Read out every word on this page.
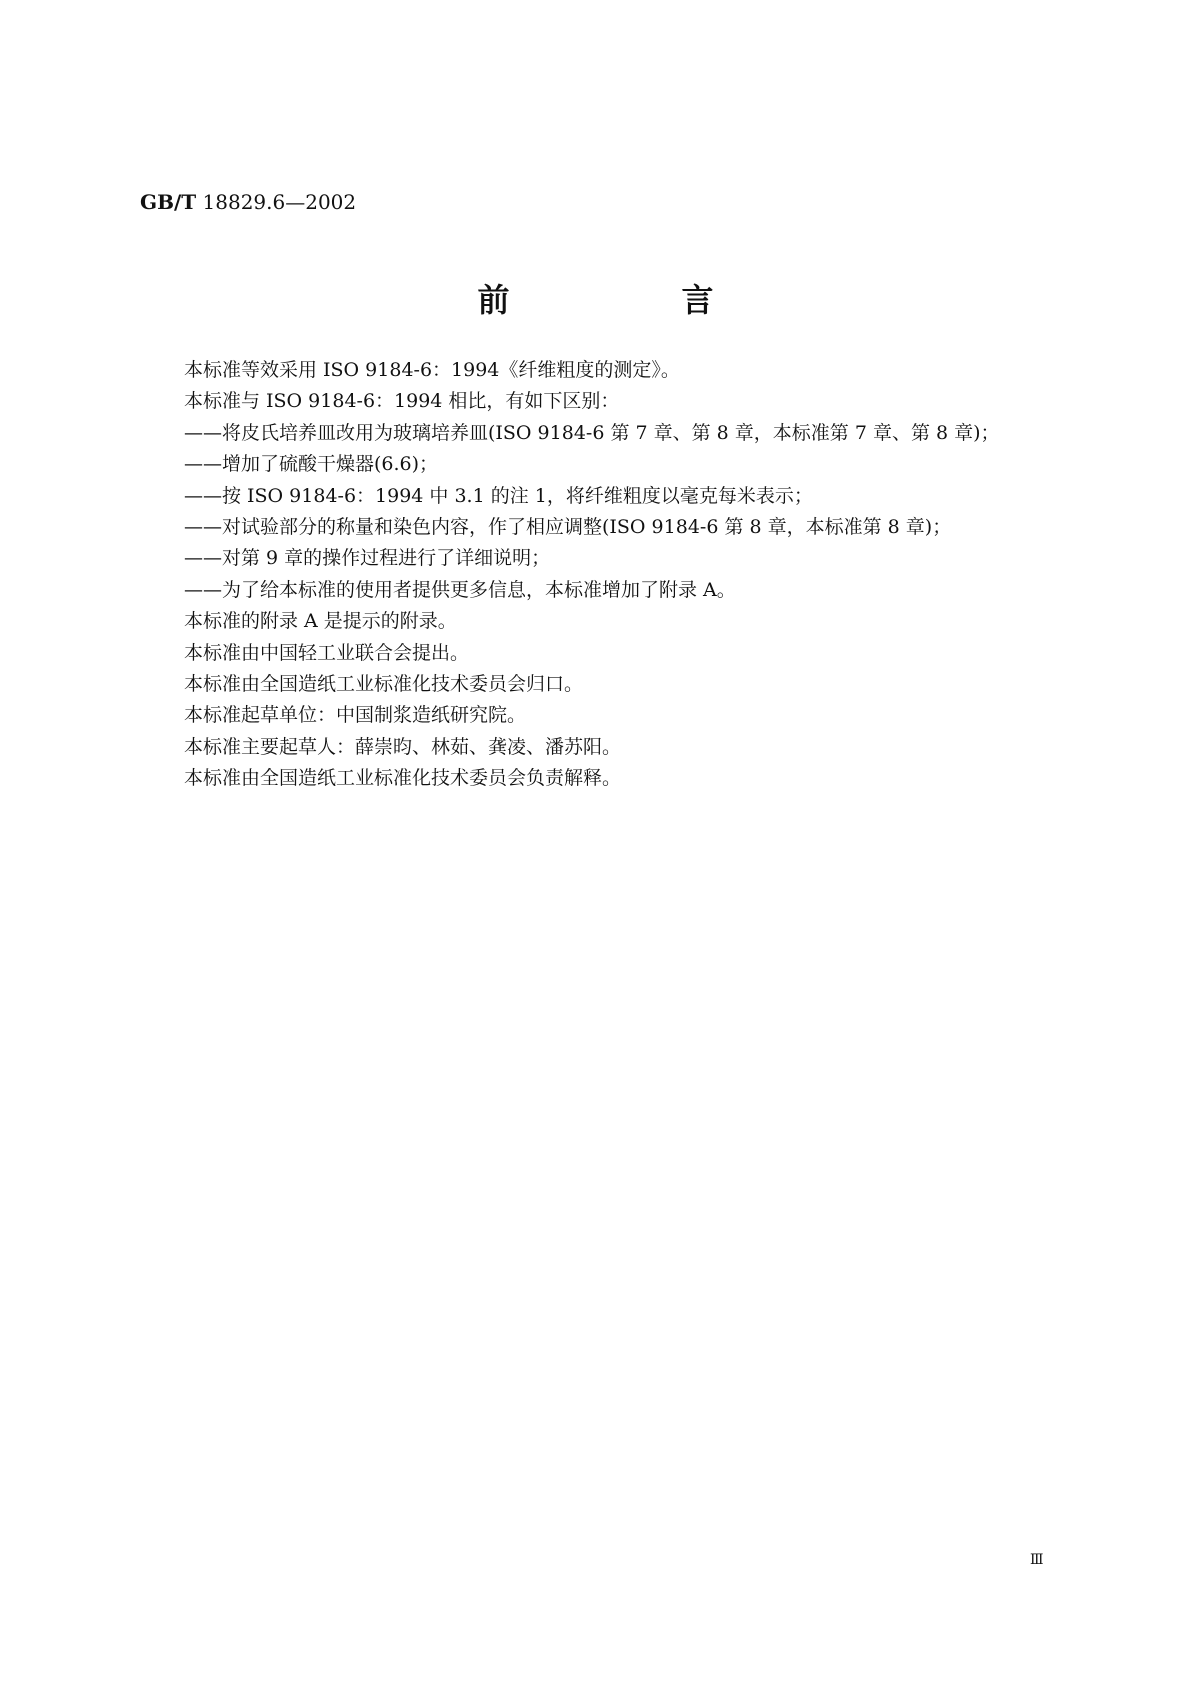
GB/T 18829.6—2002
前　言
本标准等效采用 ISO 9184-6：1994《纤维粗度的测定》。
本标准与 ISO 9184-6：1994 相比，有如下区别：
——将皮氏培养皿改用为玻璃培养皿(ISO 9184-6 第 7 章、第 8 章，本标准第 7 章、第 8 章)；
——增加了硫酸干燥器(6.6)；
——按 ISO 9184-6：1994 中 3.1 的注 1，将纤维粗度以毫克每米表示；
——对试验部分的称量和染色内容，作了相应调整(ISO 9184-6 第 8 章，本标准第 8 章)；
——对第 9 章的操作过程进行了详细说明；
——为了给本标准的使用者提供更多信息，本标准增加了附录 A。
本标准的附录 A 是提示的附录。
本标准由中国轻工业联合会提出。
本标准由全国造纸工业标准化技术委员会归口。
本标准起草单位：中国制浆造纸研究院。
本标准主要起草人：薛崇昀、林茹、龚凌、潘苏阳。
本标准由全国造纸工业标准化技术委员会负责解释。
Ⅲ
